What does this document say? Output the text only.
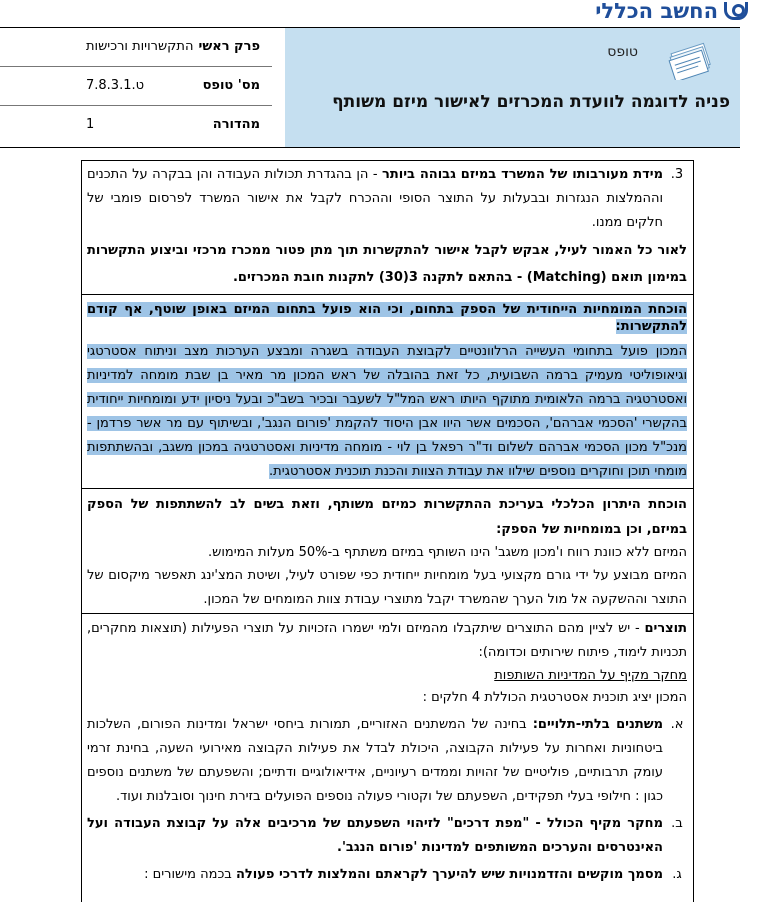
החשב הכללי
טופס
פניה לדוגמה לוועדת המכרזים לאישור מיזם משותף
פרק ראשי
התקשרויות ורכישות
מס' טופס
ט.7.8.3.1
מהדורה
1
3.
מידת מעורבותו של המשרד במיזם גבוהה ביותר - הן בהגדרת תכולות העבודה והן בבקרה על התכנים וההמלצות הנגזרות ובבעלות על התוצר הסופי וההכרח לקבל את אישור המשרד לפרסום פומבי של חלקים ממנו.

לאור כל האמור לעיל, אבקש לקבל אישור להתקשרות תוך מתן פטור ממכרז מרכזי וביצוע התקשרות במימון תואם (Matching) - בהתאם לתקנה 3(30) לתקנות חובת המכרזים.

הוכחת המומחיות הייחודית של הספק בתחום, וכי הוא פועל בתחום המיזם באופן שוטף, אף קודם להתקשרות:

המכון פועל בתחומי העשייה הרלוונטיים לקבוצת העבודה בשגרה ומבצע הערכות מצב וניתוח אסטרטגי וגיאופוליטי מעמיק ברמה השבועית, כל זאת בהובלה של ראש המכון מר מאיר בן שבת מומחה למדיניות ואסטרטגיה ברמה הלאומית מתוקף היותו ראש המל"ל לשעבר ובכיר בשב"כ ובעל ניסיון ידע ומומחיות ייחודית בהקשרי 'הסכמי אברהם', הסכמים אשר היוו אבן היסוד להקמת 'פורום הנגב', ובשיתוף עם מר אשר פרדמן - מנכ"ל מכון הסכמי אברהם לשלום וד"ר רפאל בן לוי - מומחה מדיניות ואסטרטגיה במכון משגב, ובהשתתפות מומחי תוכן וחוקרים נוספים שילוו את עבודת הצוות והכנת תוכנית אסטרטגית.

הוכחת היתרון הכלכלי בעריכת ההתקשרות כמיזם משותף, וזאת בשים לב להשתתפות של הספק במיזם, וכן במומחיות של הספק:

המיזם ללא כוונת רווח ו'מכון משגב' הינו השותף במיזם משתתף ב-50% מעלות המימוש.

המיזם מבוצע על ידי גורם מקצועי בעל מומחיות ייחודית כפי שפורט לעיל, ושיטת המצ'ינג תאפשר מיקסום של התוצר וההשקעה אל מול הערך שהמשרד יקבל מתוצרי עבודת צוות המומחים של המכון.

תוצרים - יש לציין מהם התוצרים שיתקבלו מהמיזם ולמי ישמרו הזכויות על תוצרי הפעילות (תוצאות מחקרים, תכניות לימוד, פיתוח שירותים וכדומה):

מחקר מקיף על המדיניות השותפות

המכון יציג תוכנית אסטרטגית הכוללת 4 חלקים :

א.
משתנים בלתי-תלויים: בחינה של המשתנים האזוריים, תמורות ביחסי ישראל ומדינות הפורום, השלכות ביטחוניות ואחרות על פעילות הקבוצה, היכולת לבדל את פעילות הקבוצה מאירועי השעה, בחינת זרמי עומק תרבותיים, פוליטיים של זהויות וממדים רעיוניים, אידיאולוגיים ודתיים; והשפעתם של משתנים נוספים כגון : חילופי בעלי תפקידים, השפעתם של וקטורי פעולה נוספים הפועלים בזירת חינוך וסובלנות ועוד.
ב.
מחקר מקיף הכולל - "מפת דרכים" לזיהוי השפעתם של מרכיבים אלה על קבוצת העבודה ועל האינטרסים והערכים המשותפים למדינות 'פורום הנגב'.
ג.
מסמך מוקשים והזדמנויות שיש להיערך לקראתם והמלצות לדרכי פעולה בכמה מישורים :
